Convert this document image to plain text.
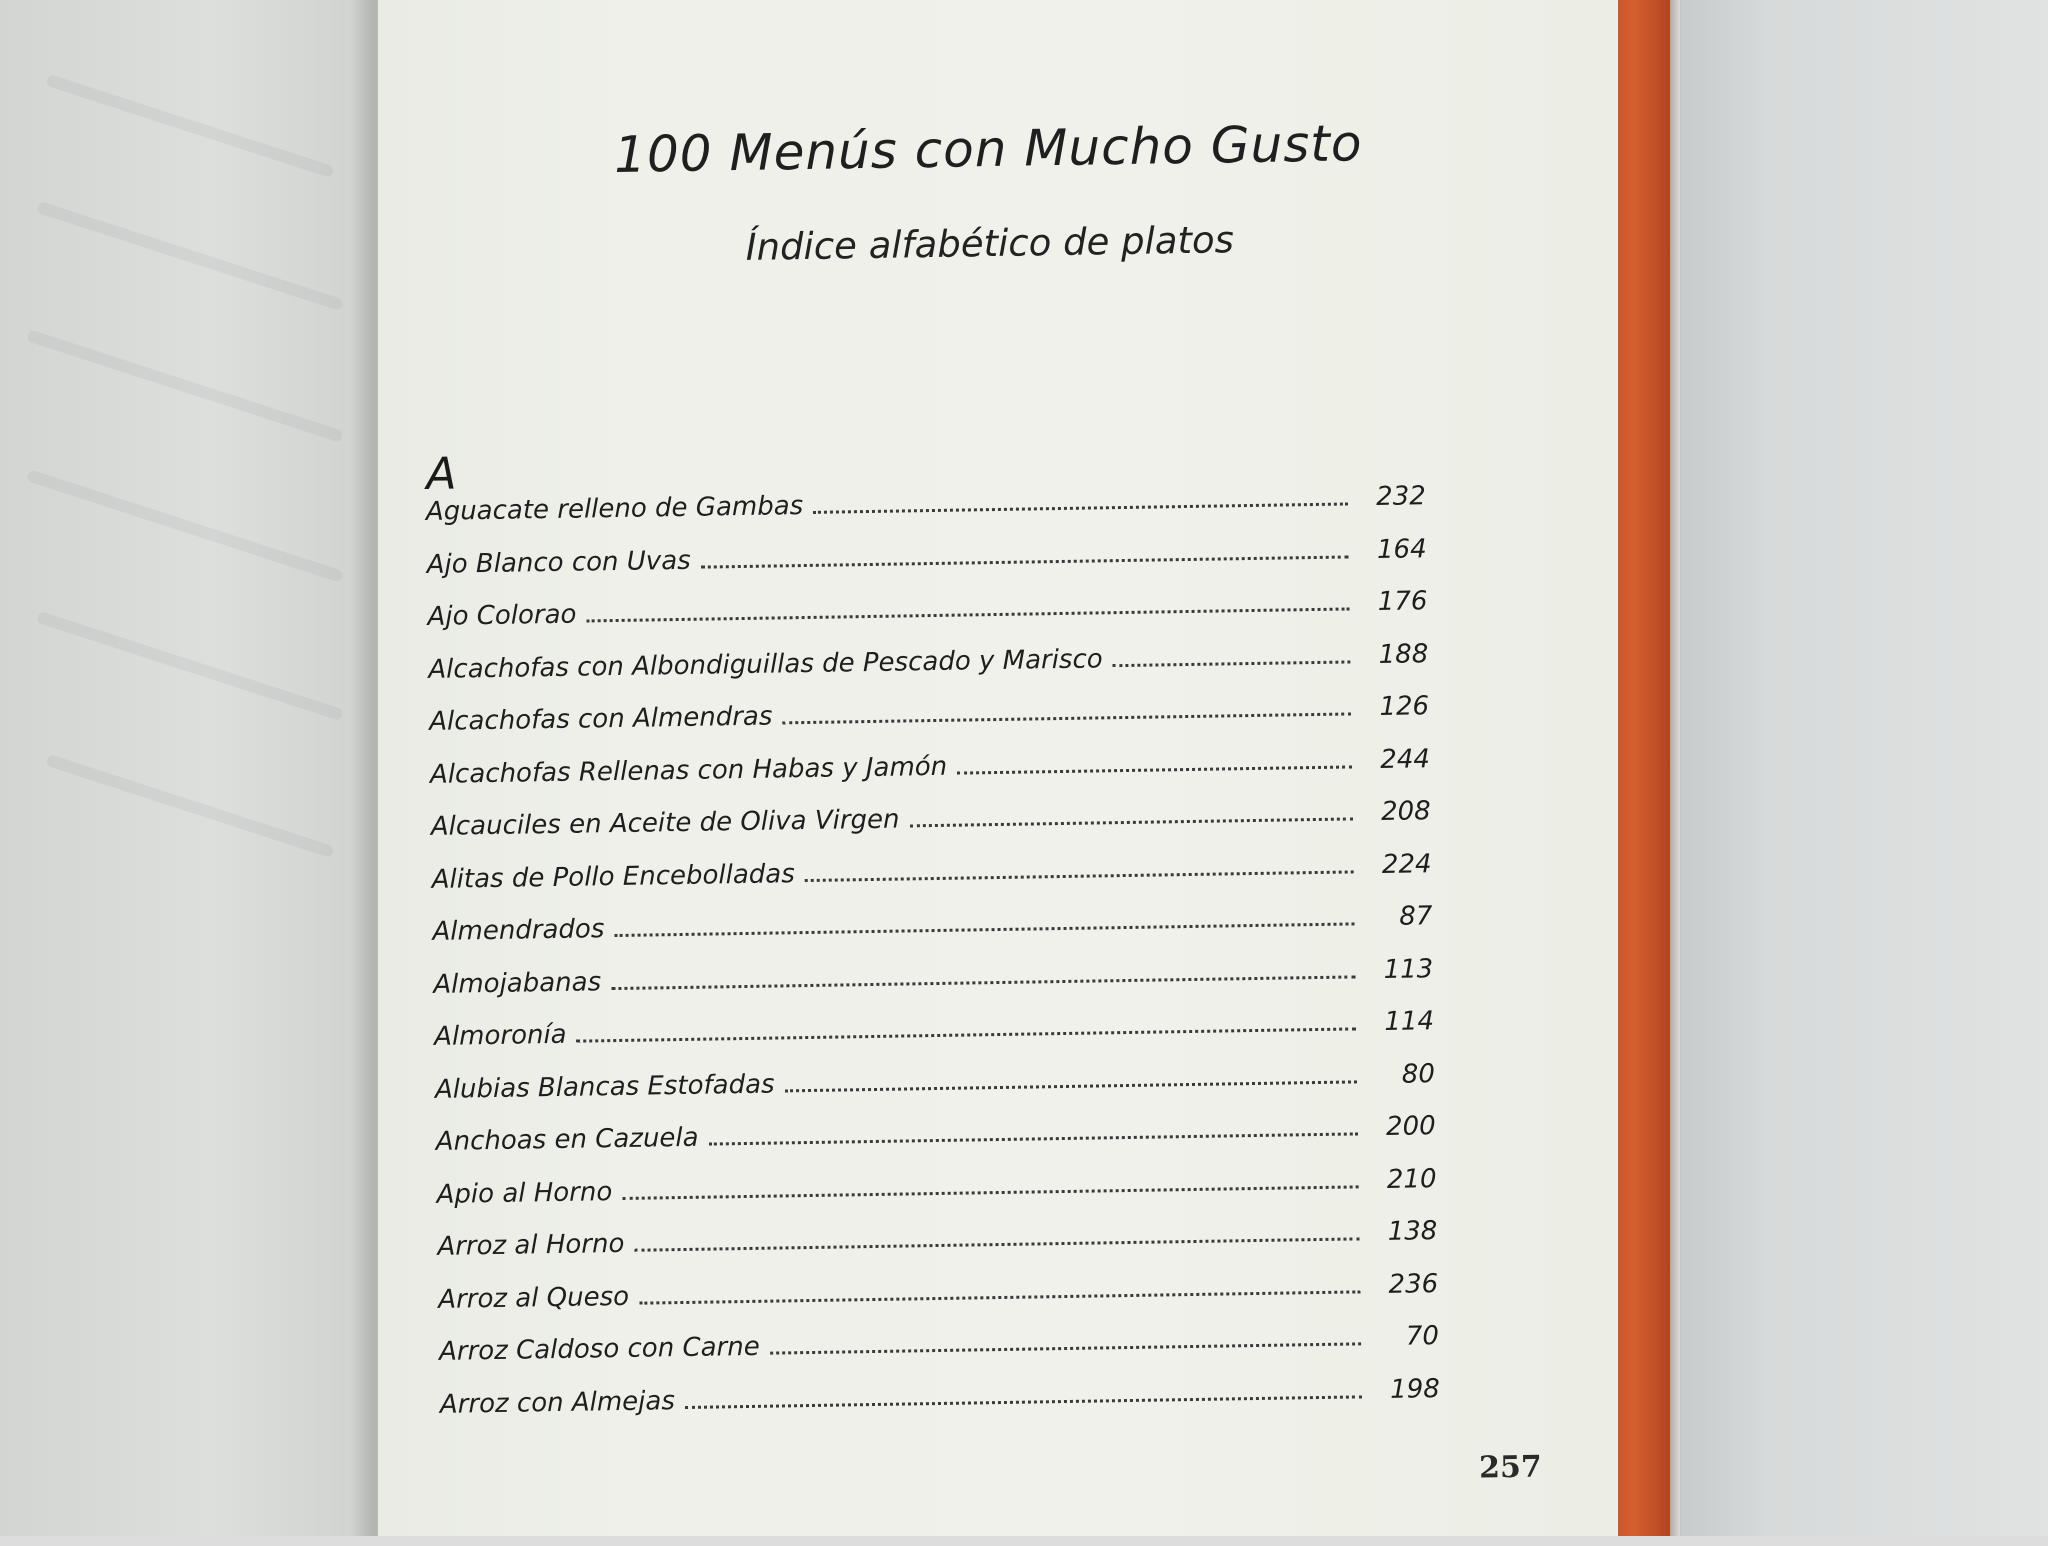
100 Menús con Mucho Gusto
Índice alfabético de platos
A
Aguacate relleno de Gambas	232
Ajo Blanco con Uvas	164
Ajo Colorao	176
Alcachofas con Albondiguillas de Pescado y Marisco	188
Alcachofas con Almendras	126
Alcachofas Rellenas con Habas y Jamón	244
Alcauciles en Aceite de Oliva Virgen	208
Alitas de Pollo Encebolladas	224
Almendrados	87
Almojabanas	113
Almoronía	114
Alubias Blancas Estofadas	80
Anchoas en Cazuela	200
Apio al Horno	210
Arroz al Horno	138
Arroz al Queso	236
Arroz Caldoso con Carne	70
Arroz con Almejas	198
257
